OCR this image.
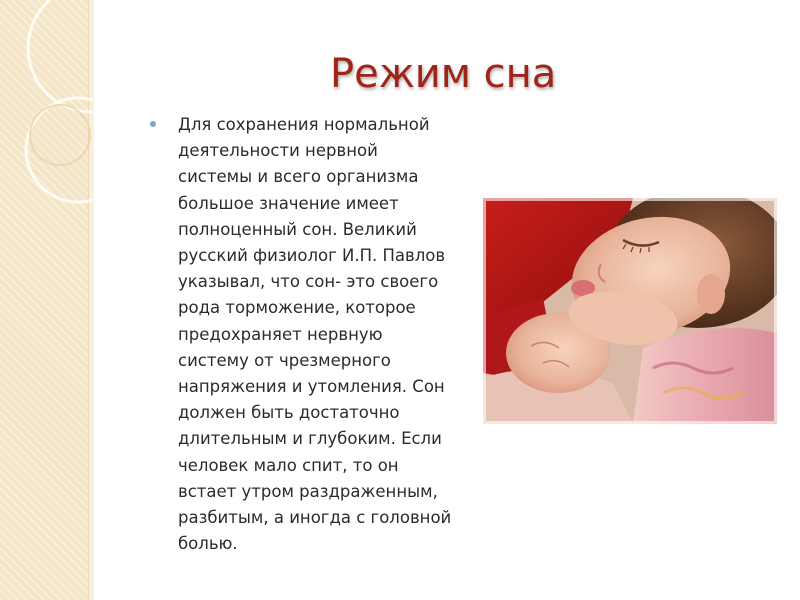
Режим сна
Для сохранения нормальной
деятельности нервной
системы и всего организма
большое значение имеет
полноценный сон. Великий
русский физиолог И.П. Павлов
указывал, что сон- это своего
рода торможение, которое
предохраняет нервную
систему от чрезмерного
напряжения и утомления. Сон
должен быть достаточно
длительным и глубоким. Если
человек мало спит, то он
встает утром раздраженным,
разбитым, а иногда с головной
болью.
